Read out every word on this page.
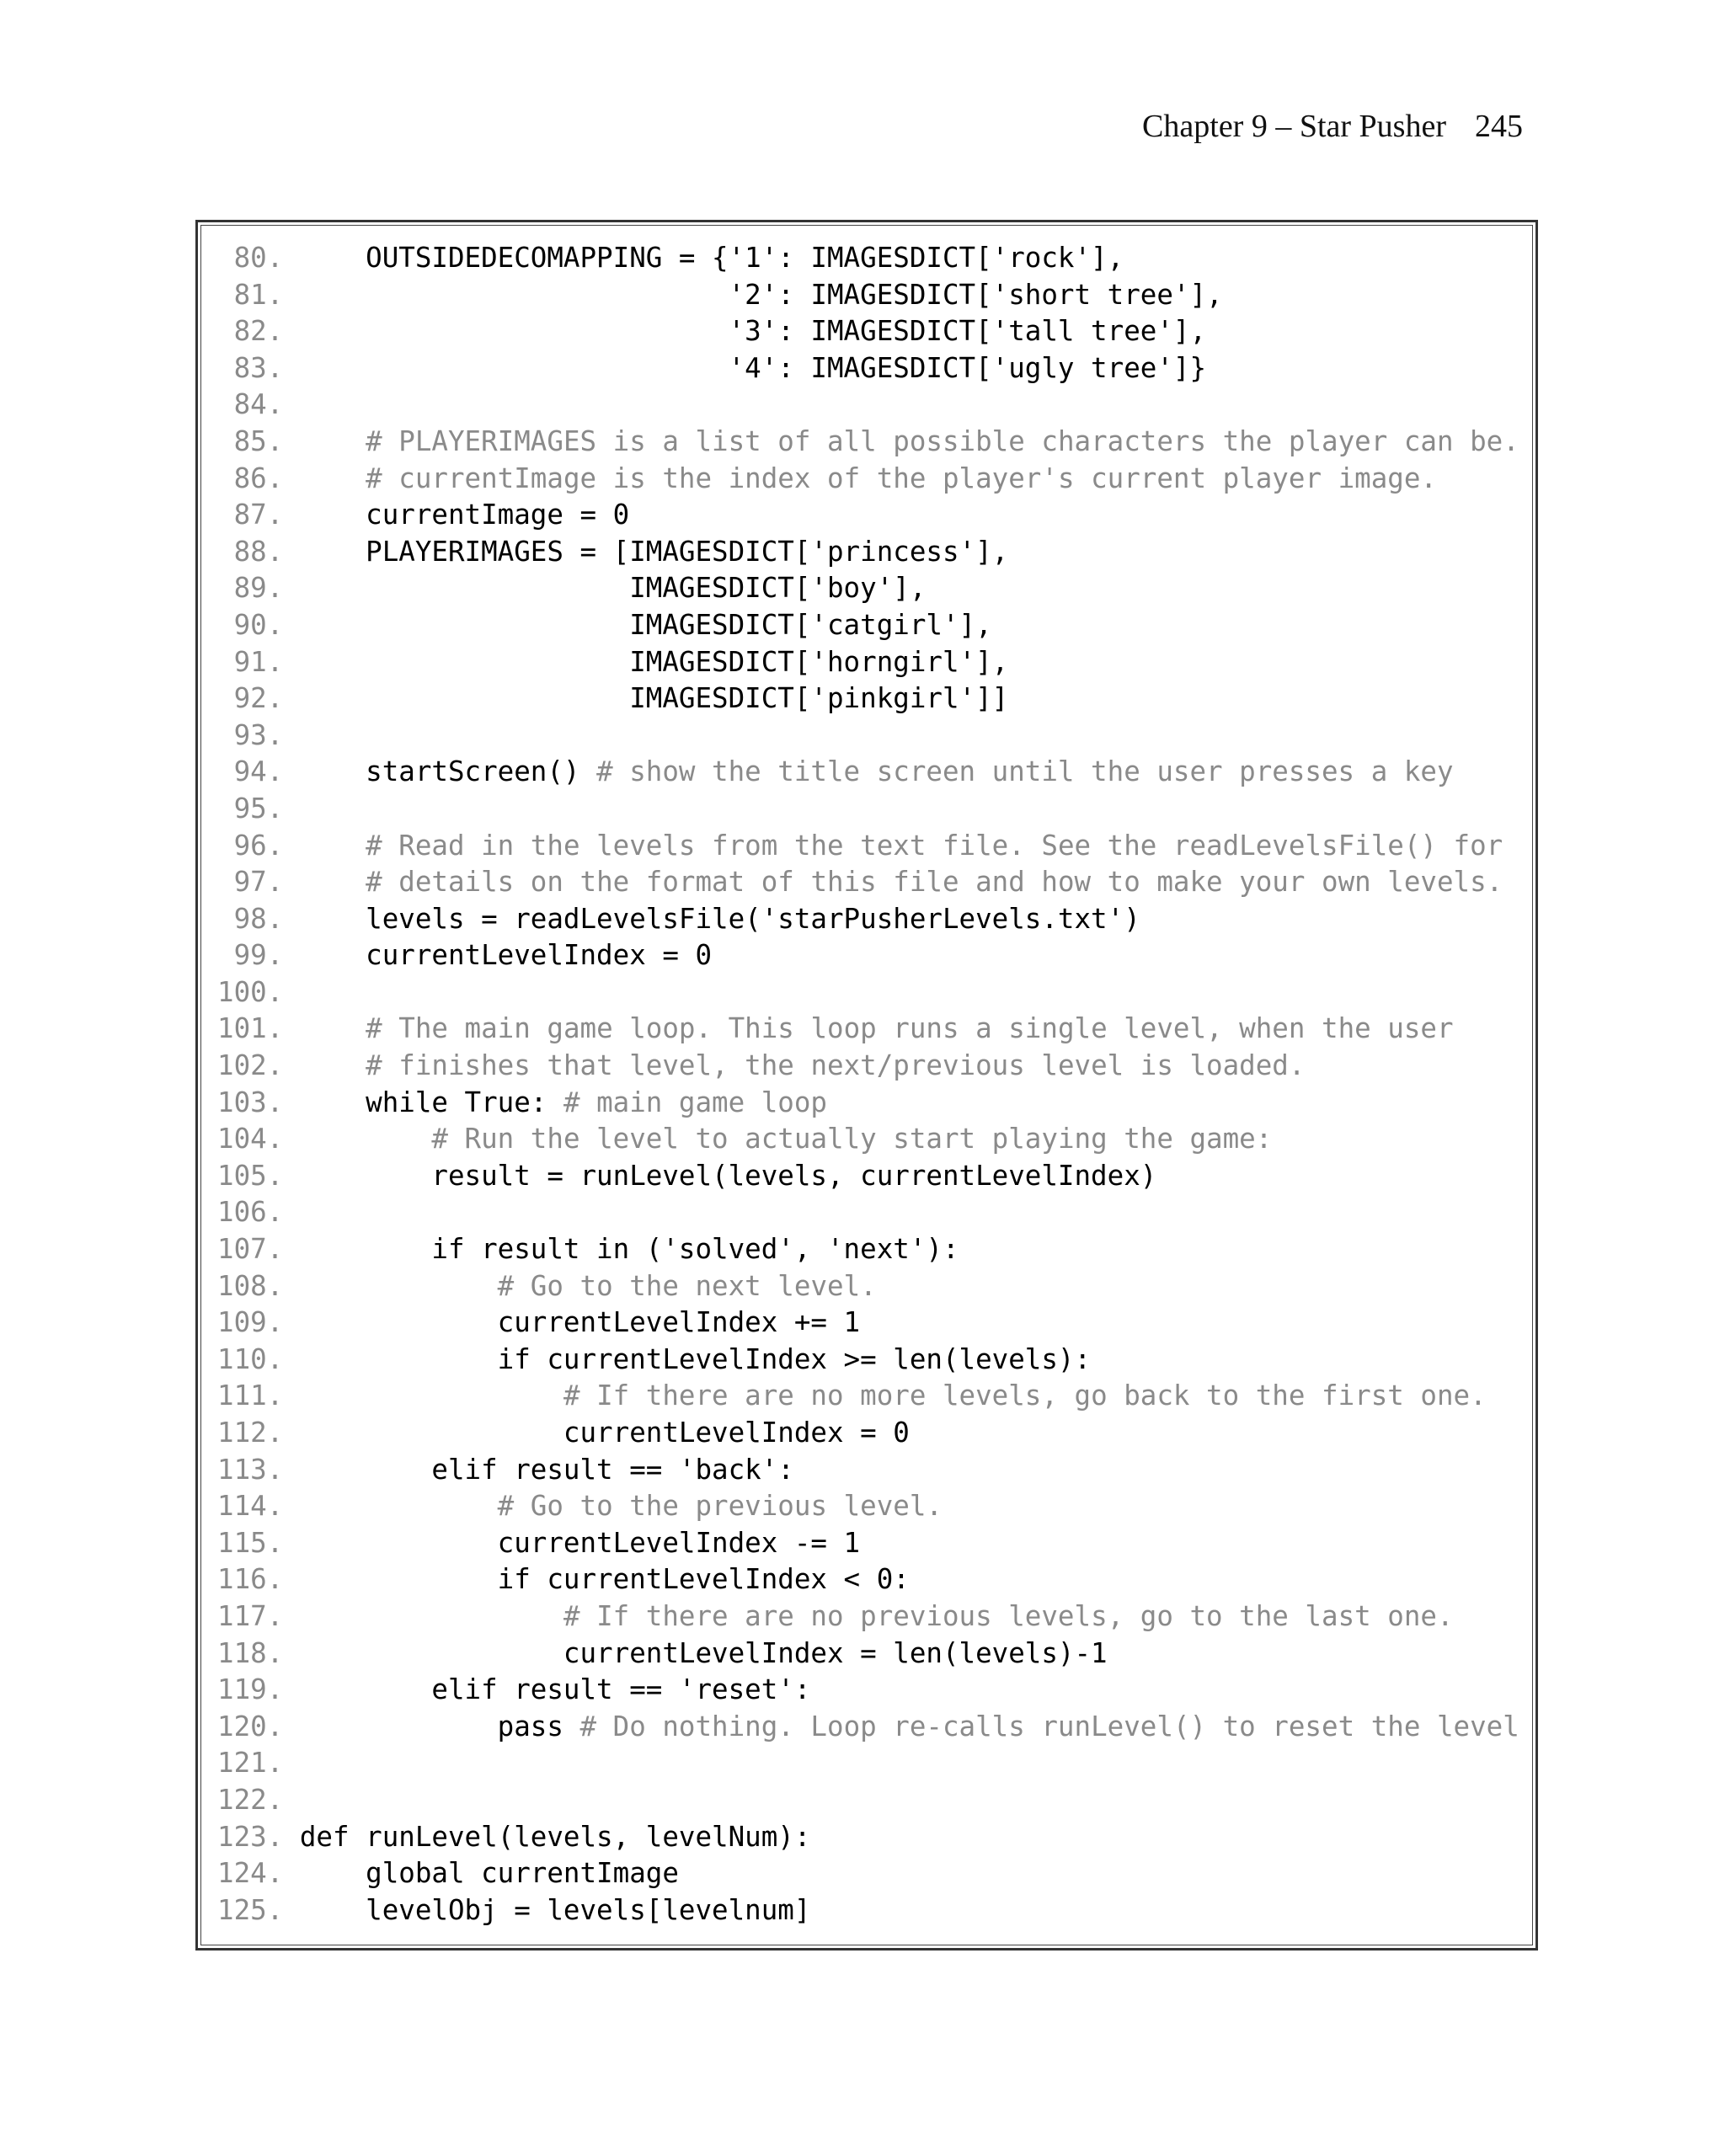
Chapter 9 – Star Pusher 245
80.     OUTSIDEDECOMAPPING = {'1': IMAGESDICT['rock'],
81.                           '2': IMAGESDICT['short tree'],
82.                           '3': IMAGESDICT['tall tree'],
83.                           '4': IMAGESDICT['ugly tree']}
84.
85.	# PLAYERIMAGES is a list of all possible characters the player can be.
86.	# currentImage is the index of the player's current player image.
87.     currentImage = 0
88.     PLAYERIMAGES = [IMAGESDICT['princess'],
89.                     IMAGESDICT['boy'],
90.                     IMAGESDICT['catgirl'],
91.                     IMAGESDICT['horngirl'],
92.                     IMAGESDICT['pinkgirl']]
93.
94.     startScreen() # show the title screen until the user presses a key
95.
96.	# Read in the levels from the text file. See the readLevelsFile() for
97.	# details on the format of this file and how to make your own levels.
98.     levels = readLevelsFile('starPusherLevels.txt')
99.     currentLevelIndex = 0
100.
101.	# The main game loop. This loop runs a single level, when the user
102.	# finishes that level, the next/previous level is loaded.
103.     while True: # main game loop
104.	# Run the level to actually start playing the game:
105.         result = runLevel(levels, currentLevelIndex)
106.
107.         if result in ('solved', 'next'):
108.	# Go to the next level.
109.             currentLevelIndex += 1
110.             if currentLevelIndex >= len(levels):
111.	# If there are no more levels, go back to the first one.
112.                 currentLevelIndex = 0
113.         elif result == 'back':
114.	# Go to the previous level.
115.             currentLevelIndex -= 1
116.             if currentLevelIndex < 0:
117.	# If there are no previous levels, go to the last one.
118.                 currentLevelIndex = len(levels)-1
119.         elif result == 'reset':
120.             pass # Do nothing. Loop re-calls runLevel() to reset the level
121.
122.
123. def runLevel(levels, levelNum):
124.     global currentImage
125.     levelObj = levels[levelnum]
